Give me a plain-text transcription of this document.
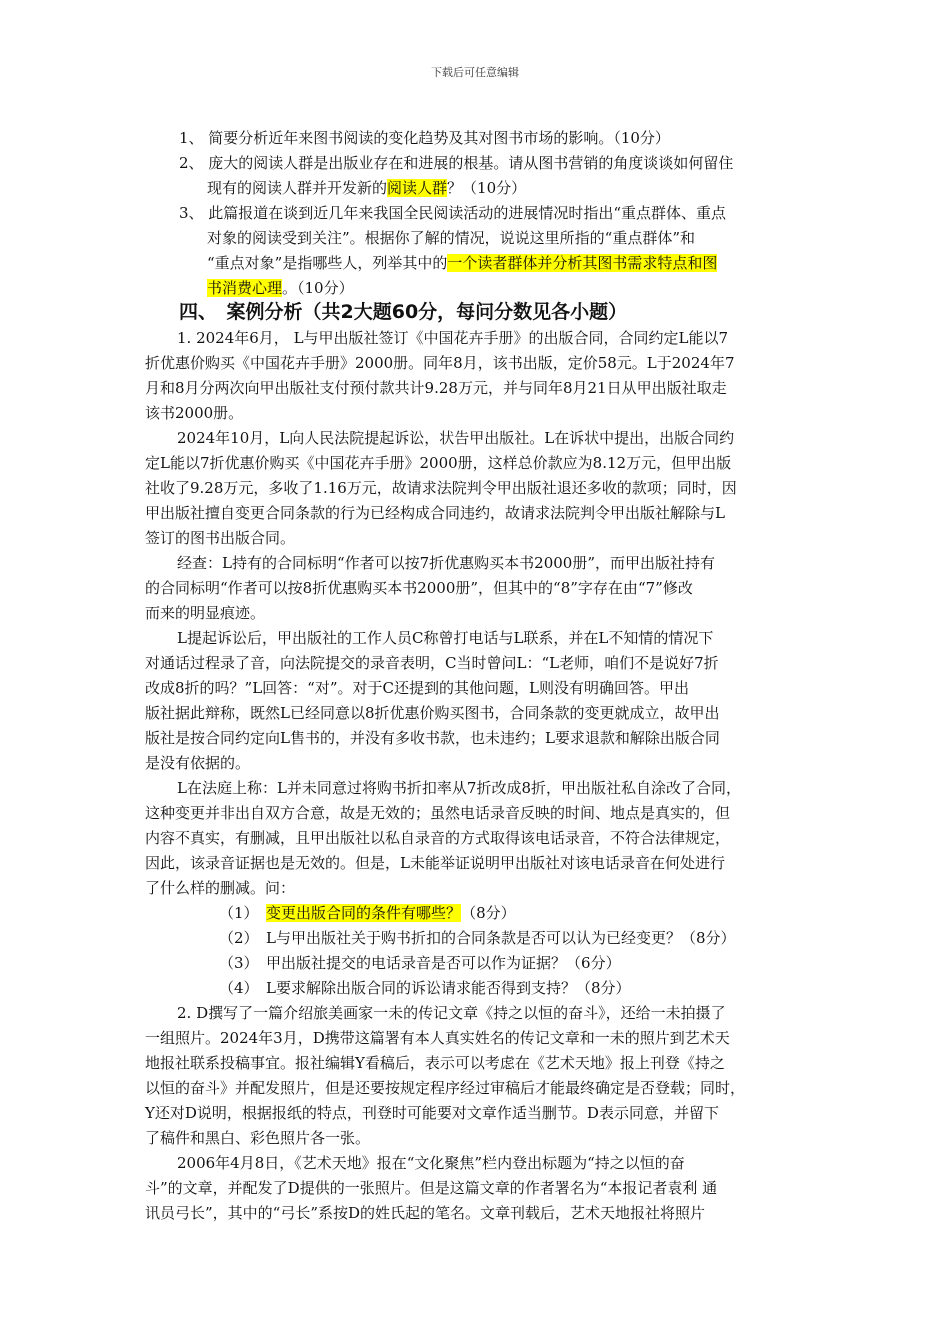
下载后可任意编辑
1、 简要分析近年来图书阅读的变化趋势及其对图书市场的影响。（10分）
2、 庞大的阅读人群是出版业存在和进展的根基。请从图书营销的角度谈谈如何留住
现有的阅读人群并开发新的阅读人群？（10分）
3、 此篇报道在谈到近几年来我国全民阅读活动的进展情况时指出“重点群体、重点
对象的阅读受到关注”。根据你了解的情况，说说这里所指的“重点群体”和
“重点对象”是指哪些人，列举其中的一个读者群体并分析其图书需求特点和图
书消费心理。（10分）
四、　案例分析（共2大题60分，每问分数见各小题）
1. 2024年6月， L与甲出版社签订《中国花卉手册》的出版合同，合同约定L能以7
折优惠价购买《中国花卉手册》2000册。同年8月，该书出版，定价58元。L于2024年7
月和8月分两次向甲出版社支付预付款共计9.28万元，并与同年8月21日从甲出版社取走
该书2000册。
2024年10月，L向人民法院提起诉讼，状告甲出版社。L在诉状中提出，出版合同约
定L能以7折优惠价购买《中国花卉手册》2000册，这样总价款应为8.12万元，但甲出版
社收了9.28万元，多收了1.16万元，故请求法院判令甲出版社退还多收的款项；同时，因
甲出版社擅自变更合同条款的行为已经构成合同违约，故请求法院判令甲出版社解除与L
签订的图书出版合同。
经查：L持有的合同标明“作者可以按7折优惠购买本书2000册”，而甲出版社持有
的合同标明“作者可以按8折优惠购买本书2000册”，但其中的“8”字存在由“7”修改
而来的明显痕迹。
L提起诉讼后，甲出版社的工作人员C称曾打电话与L联系，并在L不知情的情况下
对通话过程录了音，向法院提交的录音表明，C当时曾问L：“L老师，咱们不是说好7折
改成8折的吗？”L回答：“对”。对于C还提到的其他问题，L则没有明确回答。甲出
版社据此辩称，既然L已经同意以8折优惠价购买图书，合同条款的变更就成立，故甲出
版社是按合同约定向L售书的，并没有多收书款，也未违约；L要求退款和解除出版合同
是没有依据的。
L在法庭上称：L并未同意过将购书折扣率从7折改成8折，甲出版社私自涂改了合同，
这种变更并非出自双方合意，故是无效的；虽然电话录音反映的时间、地点是真实的，但
内容不真实，有删减，且甲出版社以私自录音的方式取得该电话录音，不符合法律规定，
因此，该录音证据也是无效的。但是，L未能举证说明甲出版社对该电话录音在何处进行
了什么样的删减。问：
（1）　变更出版合同的条件有哪些？（8分）
（2）　L与甲出版社关于购书折扣的合同条款是否可以认为已经变更？（8分）
（3）　甲出版社提交的电话录音是否可以作为证据？（6分）
（4）　L要求解除出版合同的诉讼请求能否得到支持？（8分）
2. D撰写了一篇介绍旅美画家一未的传记文章《持之以恒的奋斗》，还给一未拍摄了
一组照片。2024年3月，D携带这篇署有本人真实姓名的传记文章和一未的照片到艺术天
地报社联系投稿事宜。报社编辑Y看稿后，表示可以考虑在《艺术天地》报上刊登《持之
以恒的奋斗》并配发照片，但是还要按规定程序经过审稿后才能最终确定是否登载；同时，
Y还对D说明，根据报纸的特点，刊登时可能要对文章作适当删节。D表示同意，并留下
了稿件和黑白、彩色照片各一张。
2006年4月8日，《艺术天地》报在“文化聚焦”栏内登出标题为“持之以恒的奋
斗”的文章，并配发了D提供的一张照片。但是这篇文章的作者署名为“本报记者袁利 通
讯员弓长”，其中的“弓长”系按D的姓氏起的笔名。文章刊载后，艺术天地报社将照片
